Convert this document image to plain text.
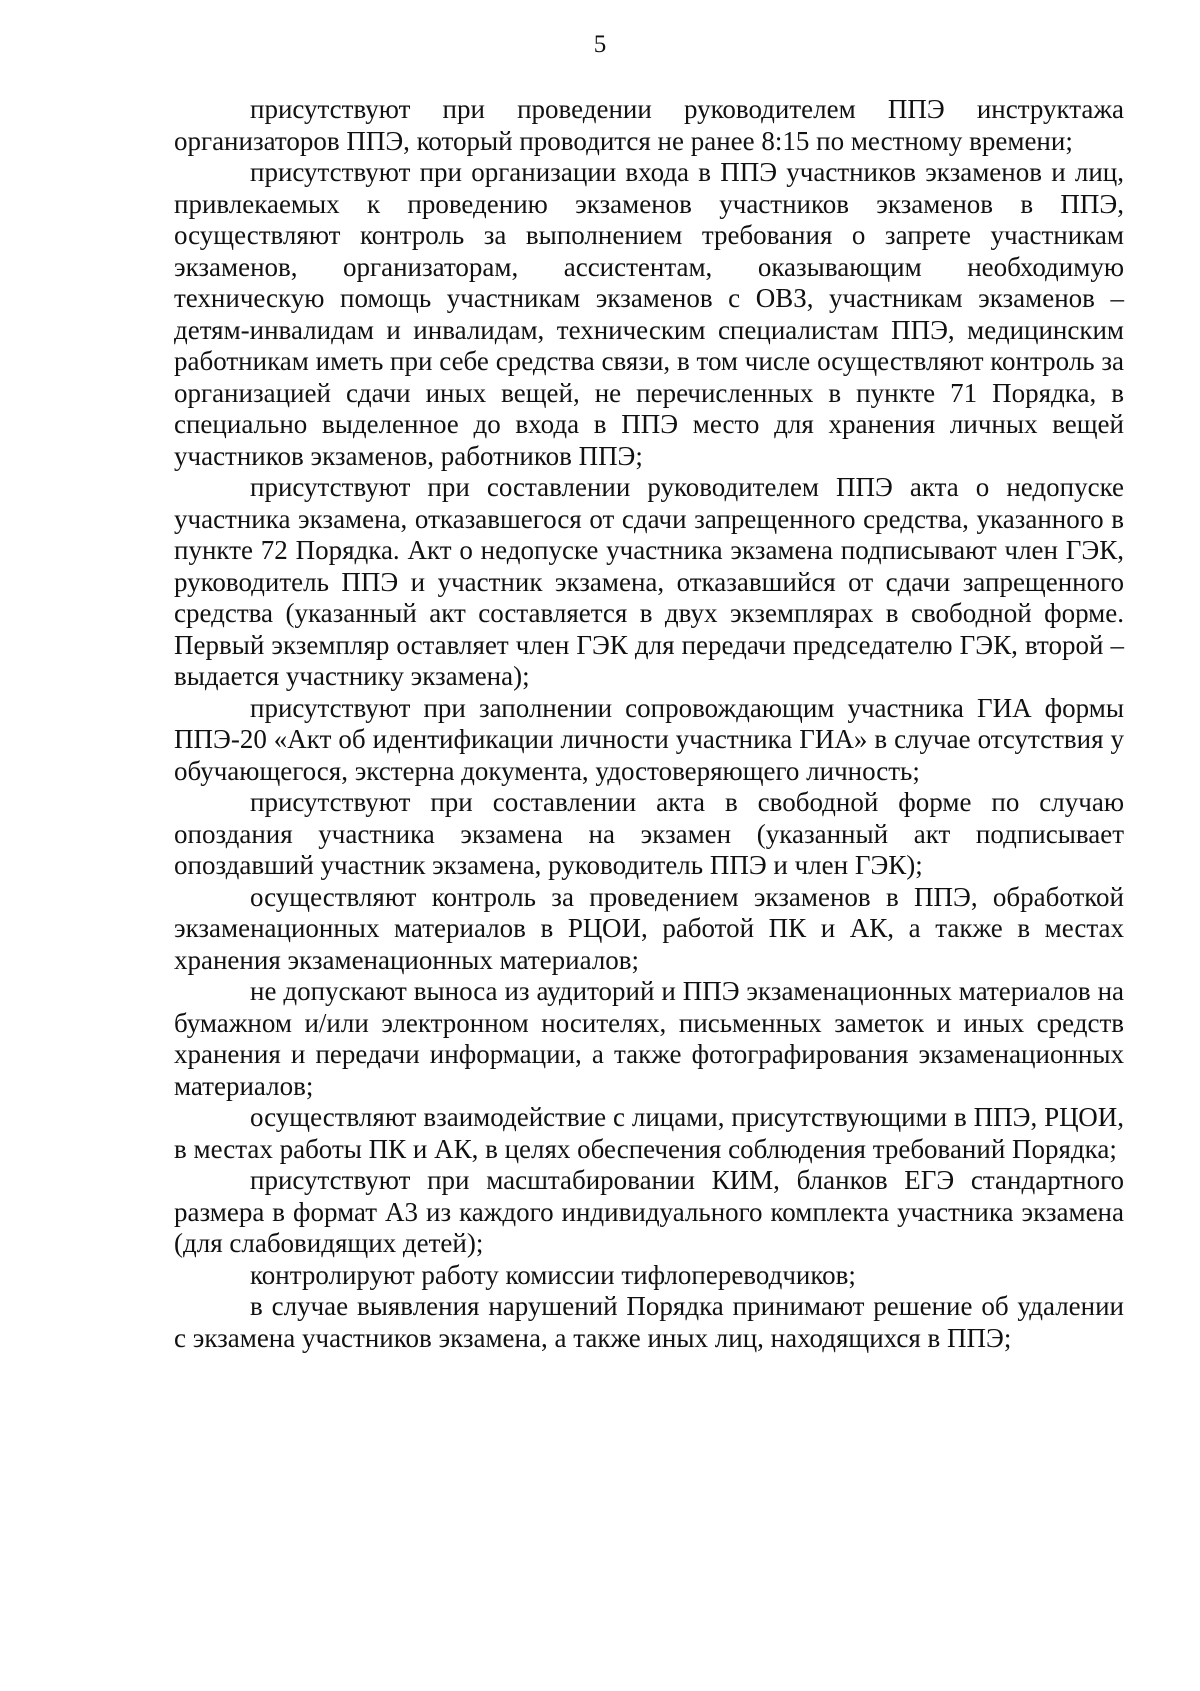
5

присутствуют при проведении руководителем ППЭ инструктажа организаторов ППЭ, который проводится не ранее 8:15 по местному времени;

присутствуют при организации входа в ППЭ участников экзаменов и лиц, привлекаемых к проведению экзаменов участников экзаменов в ППЭ, осуществляют контроль за выполнением требования о запрете участникам экзаменов, организаторам, ассистентам, оказывающим необходимую техническую помощь участникам экзаменов с ОВЗ, участникам экзаменов – детям-инвалидам и инвалидам, техническим специалистам ППЭ, медицинским работникам иметь при себе средства связи, в том числе осуществляют контроль за организацией сдачи иных вещей, не перечисленных в пункте 71 Порядка, в специально выделенное до входа в ППЭ место для хранения личных вещей участников экзаменов, работников ППЭ;

присутствуют при составлении руководителем ППЭ акта о недопуске участника экзамена, отказавшегося от сдачи запрещенного средства, указанного в пункте 72 Порядка. Акт о недопуске участника экзамена подписывают член ГЭК, руководитель ППЭ и участник экзамена, отказавшийся от сдачи запрещенного средства (указанный акт составляется в двух экземплярах в свободной форме. Первый экземпляр оставляет член ГЭК для передачи председателю ГЭК, второй – выдается участнику экзамена);

присутствуют при заполнении сопровождающим участника ГИА формы ППЭ-20 «Акт об идентификации личности участника ГИА» в случае отсутствия у обучающегося, экстерна документа, удостоверяющего личность;

присутствуют при составлении акта в свободной форме по случаю опоздания участника экзамена на экзамен (указанный акт подписывает опоздавший участник экзамена, руководитель ППЭ и член ГЭК);

осуществляют контроль за проведением экзаменов в ППЭ, обработкой экзаменационных материалов в РЦОИ, работой ПК и АК, а также в местах хранения экзаменационных материалов;

не допускают выноса из аудиторий и ППЭ экзаменационных материалов на бумажном и/или электронном носителях, письменных заметок и иных средств хранения и передачи информации, а также фотографирования экзаменационных материалов;

осуществляют взаимодействие с лицами, присутствующими в ППЭ, РЦОИ, в местах работы ПК и АК, в целях обеспечения соблюдения требований Порядка;

присутствуют при масштабировании КИМ, бланков ЕГЭ стандартного размера в формат А3 из каждого индивидуального комплекта участника экзамена (для слабовидящих детей);

контролируют работу комиссии тифлопереводчиков;

в случае выявления нарушений Порядка принимают решение об удалении с экзамена участников экзамена, а также иных лиц, находящихся в ППЭ;
